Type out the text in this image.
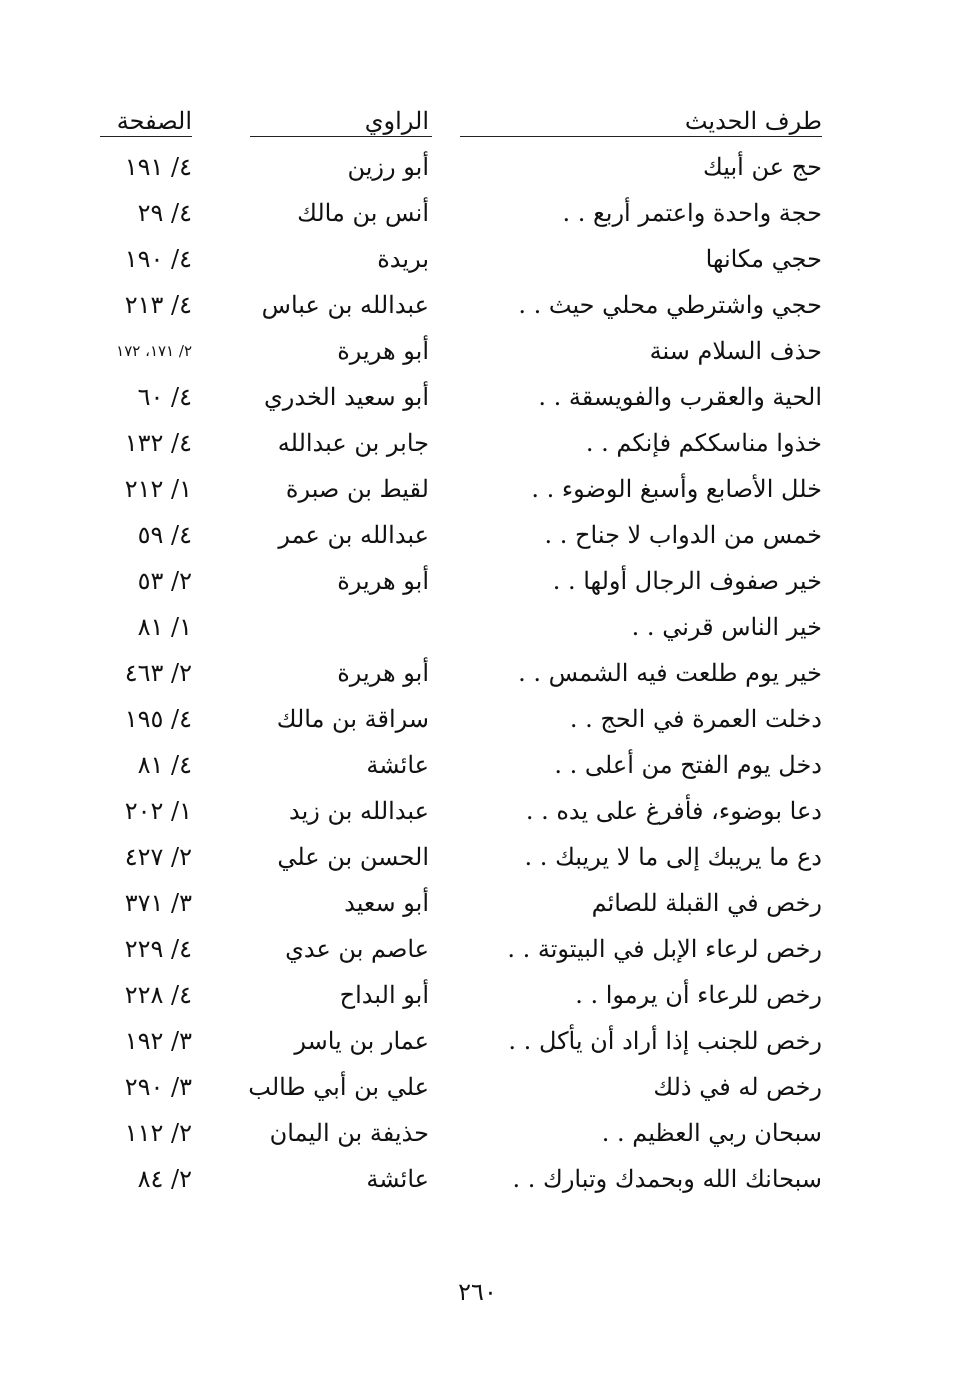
طرف الحديث
الراوي
الصفحة
حج عن أبيك
أبو رزين
٤/ ١٩١
حجة واحدة واعتمر أربع . .
أنس بن مالك
٤/ ٢٩
حجي مكانها
بريدة
٤/ ١٩٠
حجي واشترطي محلي حيث . .
عبدالله بن عباس
٤/ ٢١٣
حذف السلام سنة
أبو هريرة
٢/ ١٧١، ١٧٢
الحية والعقرب والفويسقة . .
أبو سعيد الخدري
٤/ ٦٠
خذوا مناسككم فإنكم . .
جابر بن عبدالله
٤/ ١٣٢
خلل الأصابع وأسبغ الوضوء . .
لقيط بن صبرة
١/ ٢١٢
خمس من الدواب لا جناح . .
عبدالله بن عمر
٤/ ٥٩
خير صفوف الرجال أولها . .
أبو هريرة
٢/ ٥٣
خير الناس قرني . .
١/ ٨١
خير يوم طلعت فيه الشمس . .
أبو هريرة
٢/ ٤٦٣
دخلت العمرة في الحج . .
سراقة بن مالك
٤/ ١٩٥
دخل يوم الفتح من أعلى . .
عائشة
٤/ ٨١
دعا بوضوء، فأفرغ على يده . .
عبدالله بن زيد
١/ ٢٠٢
دع ما يريبك إلى ما لا يريبك . .
الحسن بن علي
٢/ ٤٢٧
رخص في القبلة للصائم
أبو سعيد
٣/ ٣٧١
رخص لرعاء الإبل في البيتوتة . .
عاصم بن عدي
٤/ ٢٢٩
رخص للرعاء أن يرموا . .
أبو البداح
٤/ ٢٢٨
رخص للجنب إذا أراد أن يأكل . .
عمار بن ياسر
٣/ ١٩٢
رخص له في ذلك
علي بن أبي طالب
٣/ ٢٩٠
سبحان ربي العظيم . .
حذيفة بن اليمان
٢/ ١١٢
سبحانك الله وبحمدك وتبارك . .
عائشة
٢/ ٨٤
٢٦٠
